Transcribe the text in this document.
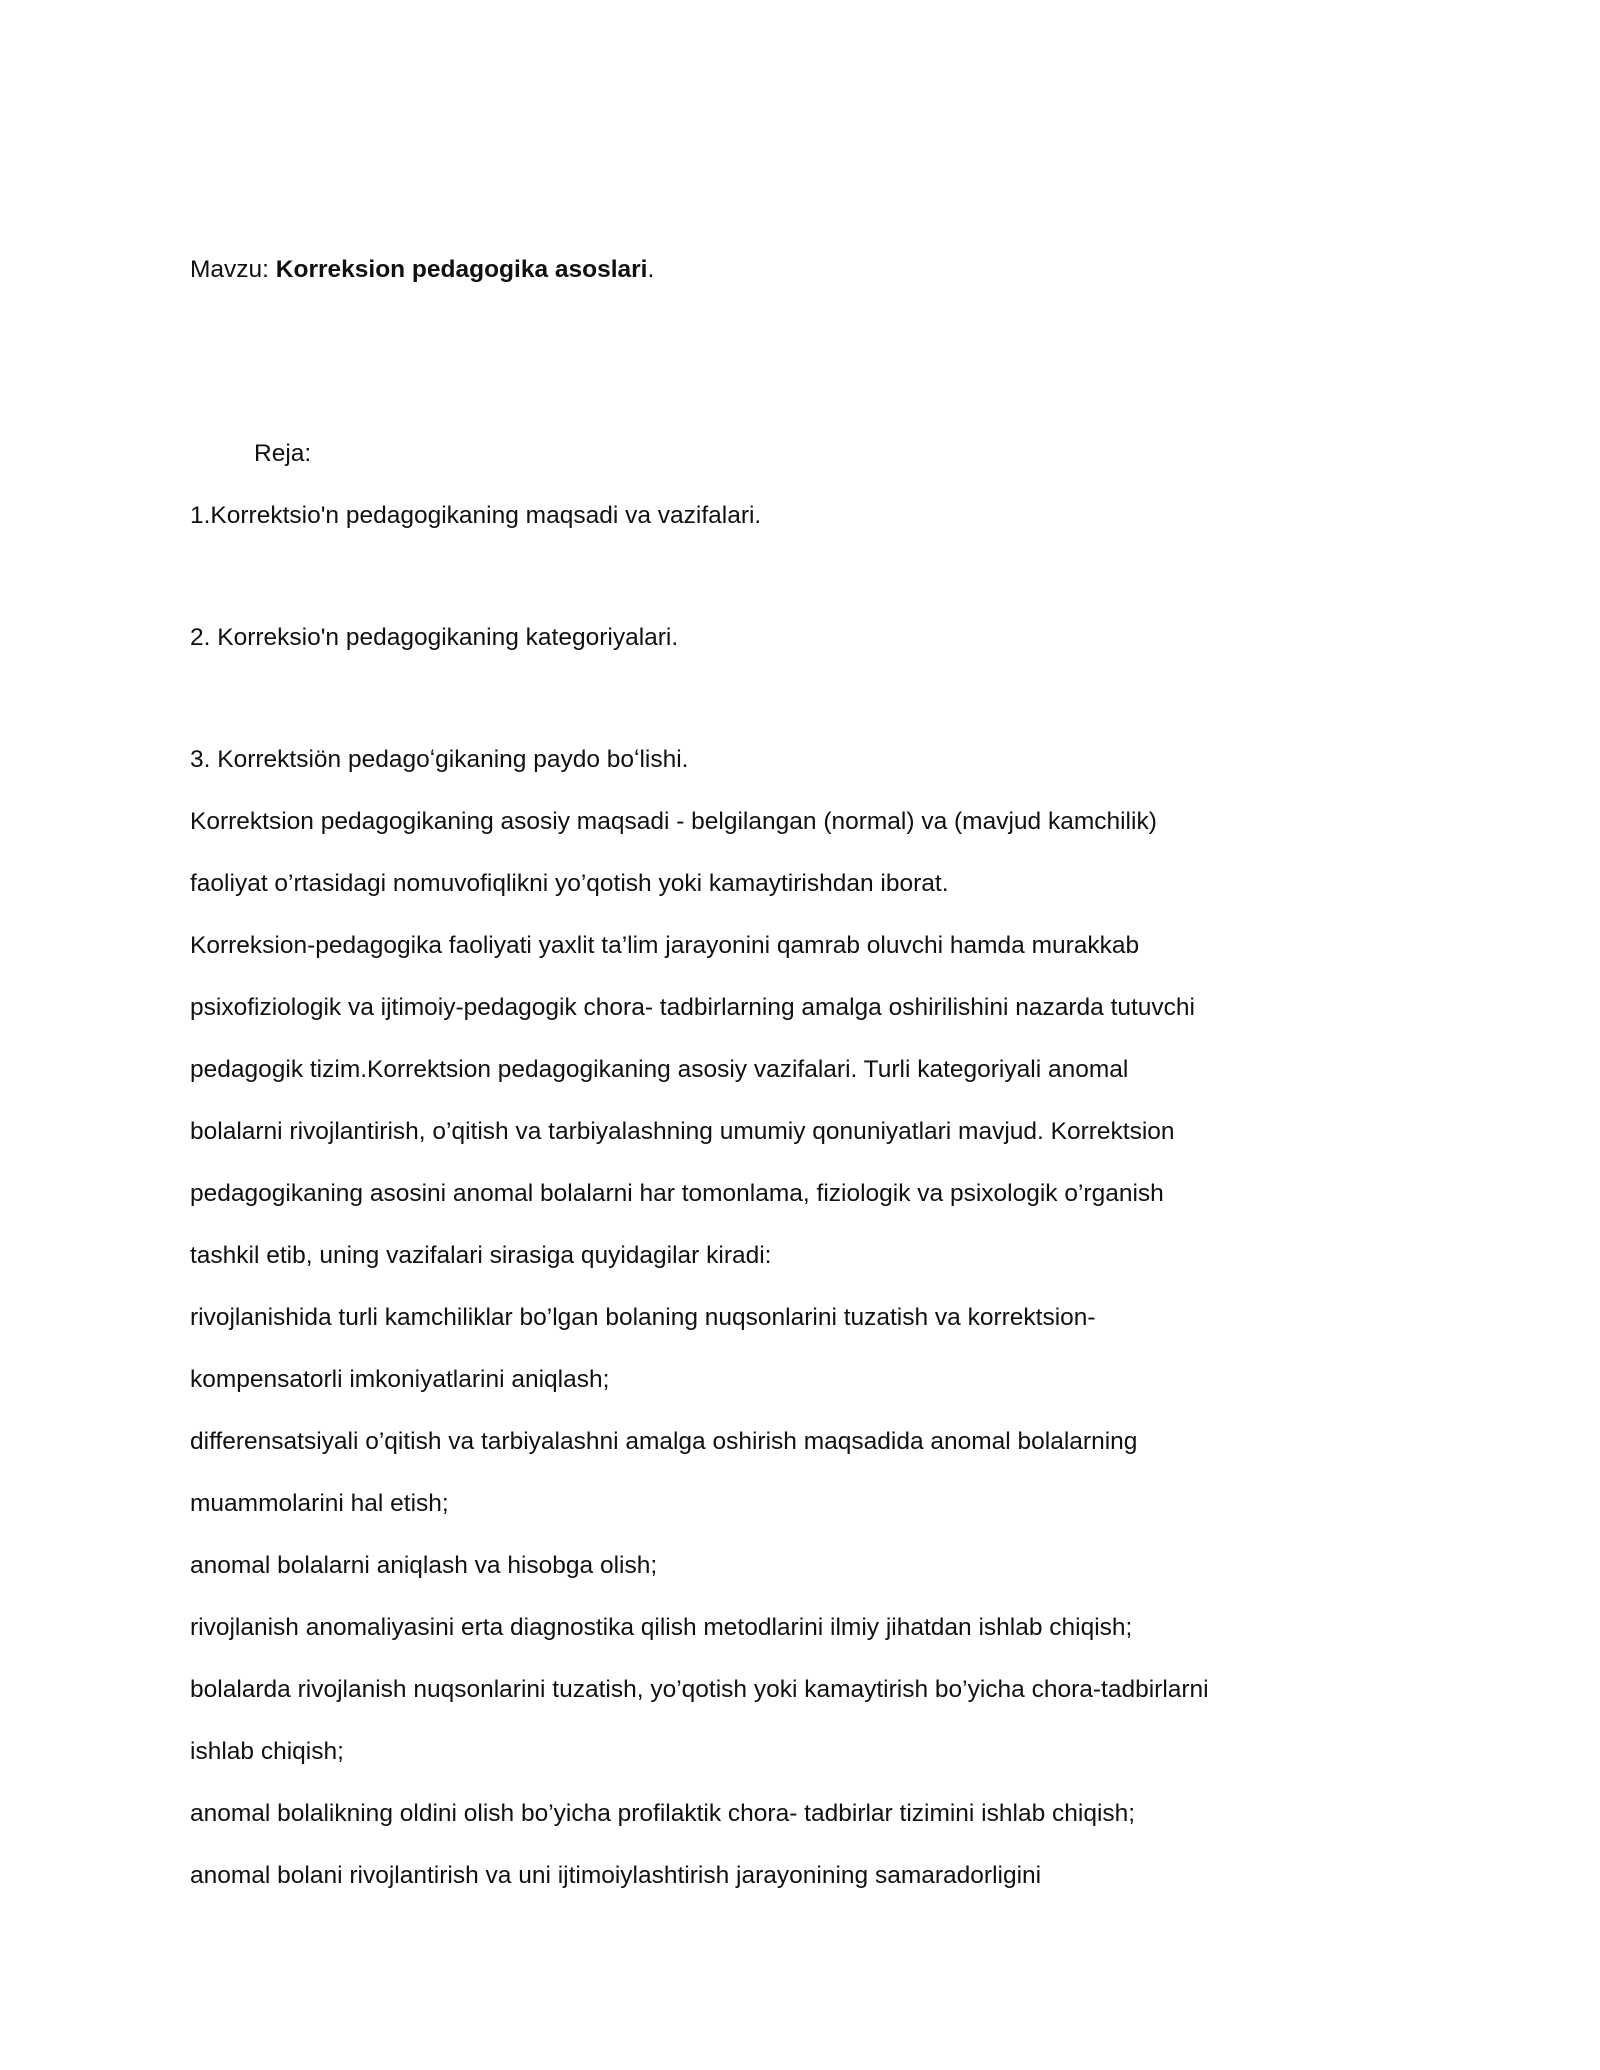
Mavzu: Korreksion pedagogika asoslari.

Reja:

1.Korrektsio'n pedagogikaning maqsadi va vazifalari.

2. Korreksio'n pedagogikaning kategoriyalari.

3. Korrektsiön pedagoʻgikaning paydo boʻlishi.

Korrektsion pedagogikaning asosiy maqsadi - belgilangan (normal) va (mavjud kamchilik)

faoliyat o’rtasidagi nomuvofiqlikni yo’qotish yoki kamaytirishdan iborat.

Korreksion-pedagogika faoliyati yaxlit ta’lim jarayonini qamrab oluvchi hamda murakkab

psixofiziologik va ijtimoiy-pedagogik chora- tadbirlarning amalga oshirilishini nazarda tutuvchi

pedagogik tizim.Korrektsion pedagogikaning asosiy vazifalari. Turli kategoriyali anomal

bolalarni rivojlantirish, o’qitish va tarbiyalashning umumiy qonuniyatlari mavjud. Korrektsion

pedagogikaning asosini anomal bolalarni har tomonlama, fiziologik va psixologik o’rganish

tashkil etib, uning vazifalari sirasiga quyidagilar kiradi:

rivojlanishida turli kamchiliklar bo’lgan bolaning nuqsonlarini tuzatish va korrektsion-

kompensatorli imkoniyatlarini aniqlash;

differensatsiyali o’qitish va tarbiyalashni amalga oshirish maqsadida anomal bolalarning

muammolarini hal etish;

anomal bolalarni aniqlash va hisobga olish;

rivojlanish anomaliyasini erta diagnostika qilish metodlarini ilmiy jihatdan ishlab chiqish;

bolalarda rivojlanish nuqsonlarini tuzatish, yo’qotish yoki kamaytirish bo’yicha chora-tadbirlarni

ishlab chiqish;

anomal bolalikning oldini olish bo’yicha profilaktik chora- tadbirlar tizimini ishlab chiqish;

anomal bolani rivojlantirish va uni ijtimoiylashtirish jarayonining samaradorligini
